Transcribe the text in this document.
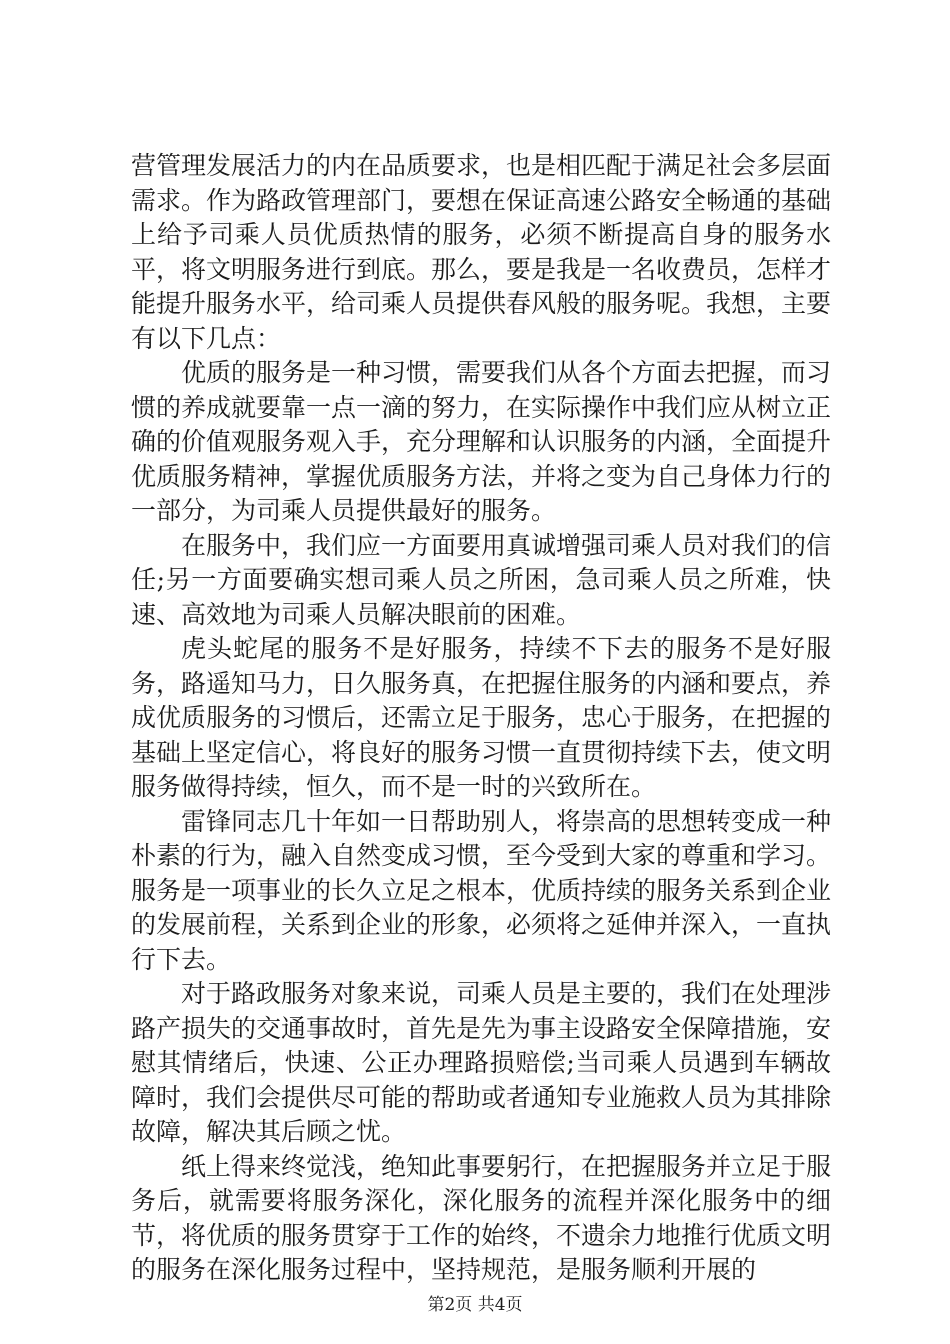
营管理发展活力的内在品质要求，也是相匹配于满足社会多层面需求。作为路政管理部门，要想在保证高速公路安全畅通的基础上给予司乘人员优质热情的服务，必须不断提高自身的服务水平，将文明服务进行到底。那么，要是我是一名收费员，怎样才能提升服务水平，给司乘人员提供春风般的服务呢。我想，主要有以下几点：

优质的服务是一种习惯，需要我们从各个方面去把握，而习惯的养成就要靠一点一滴的努力，在实际操作中我们应从树立正确的价值观服务观入手，充分理解和认识服务的内涵，全面提升优质服务精神，掌握优质服务方法，并将之变为自己身体力行的一部分，为司乘人员提供最好的服务。

在服务中，我们应一方面要用真诚增强司乘人员对我们的信任;另一方面要确实想司乘人员之所困，急司乘人员之所难，快速、高效地为司乘人员解决眼前的困难。

虎头蛇尾的服务不是好服务，持续不下去的服务不是好服务，路遥知马力，日久服务真，在把握住服务的内涵和要点，养成优质服务的习惯后，还需立足于服务，忠心于服务，在把握的基础上坚定信心，将良好的服务习惯一直贯彻持续下去，使文明服务做得持续，恒久，而不是一时的兴致所在。

雷锋同志几十年如一日帮助别人，将崇高的思想转变成一种朴素的行为，融入自然变成习惯，至今受到大家的尊重和学习。服务是一项事业的长久立足之根本，优质持续的服务关系到企业的发展前程，关系到企业的形象，必须将之延伸并深入，一直执行下去。

对于路政服务对象来说，司乘人员是主要的，我们在处理涉路产损失的交通事故时，首先是先为事主设路安全保障措施，安慰其情绪后，快速、公正办理路损赔偿;当司乘人员遇到车辆故障时，我们会提供尽可能的帮助或者通知专业施救人员为其排除故障，解决其后顾之忧。

纸上得来终觉浅，绝知此事要躬行，在把握服务并立足于服务后，就需要将服务深化，深化服务的流程并深化服务中的细节，将优质的服务贯穿于工作的始终，不遗余力地推行优质文明的服务在深化服务过程中，坚持规范，是服务顺利开展的

第2页 共4页
